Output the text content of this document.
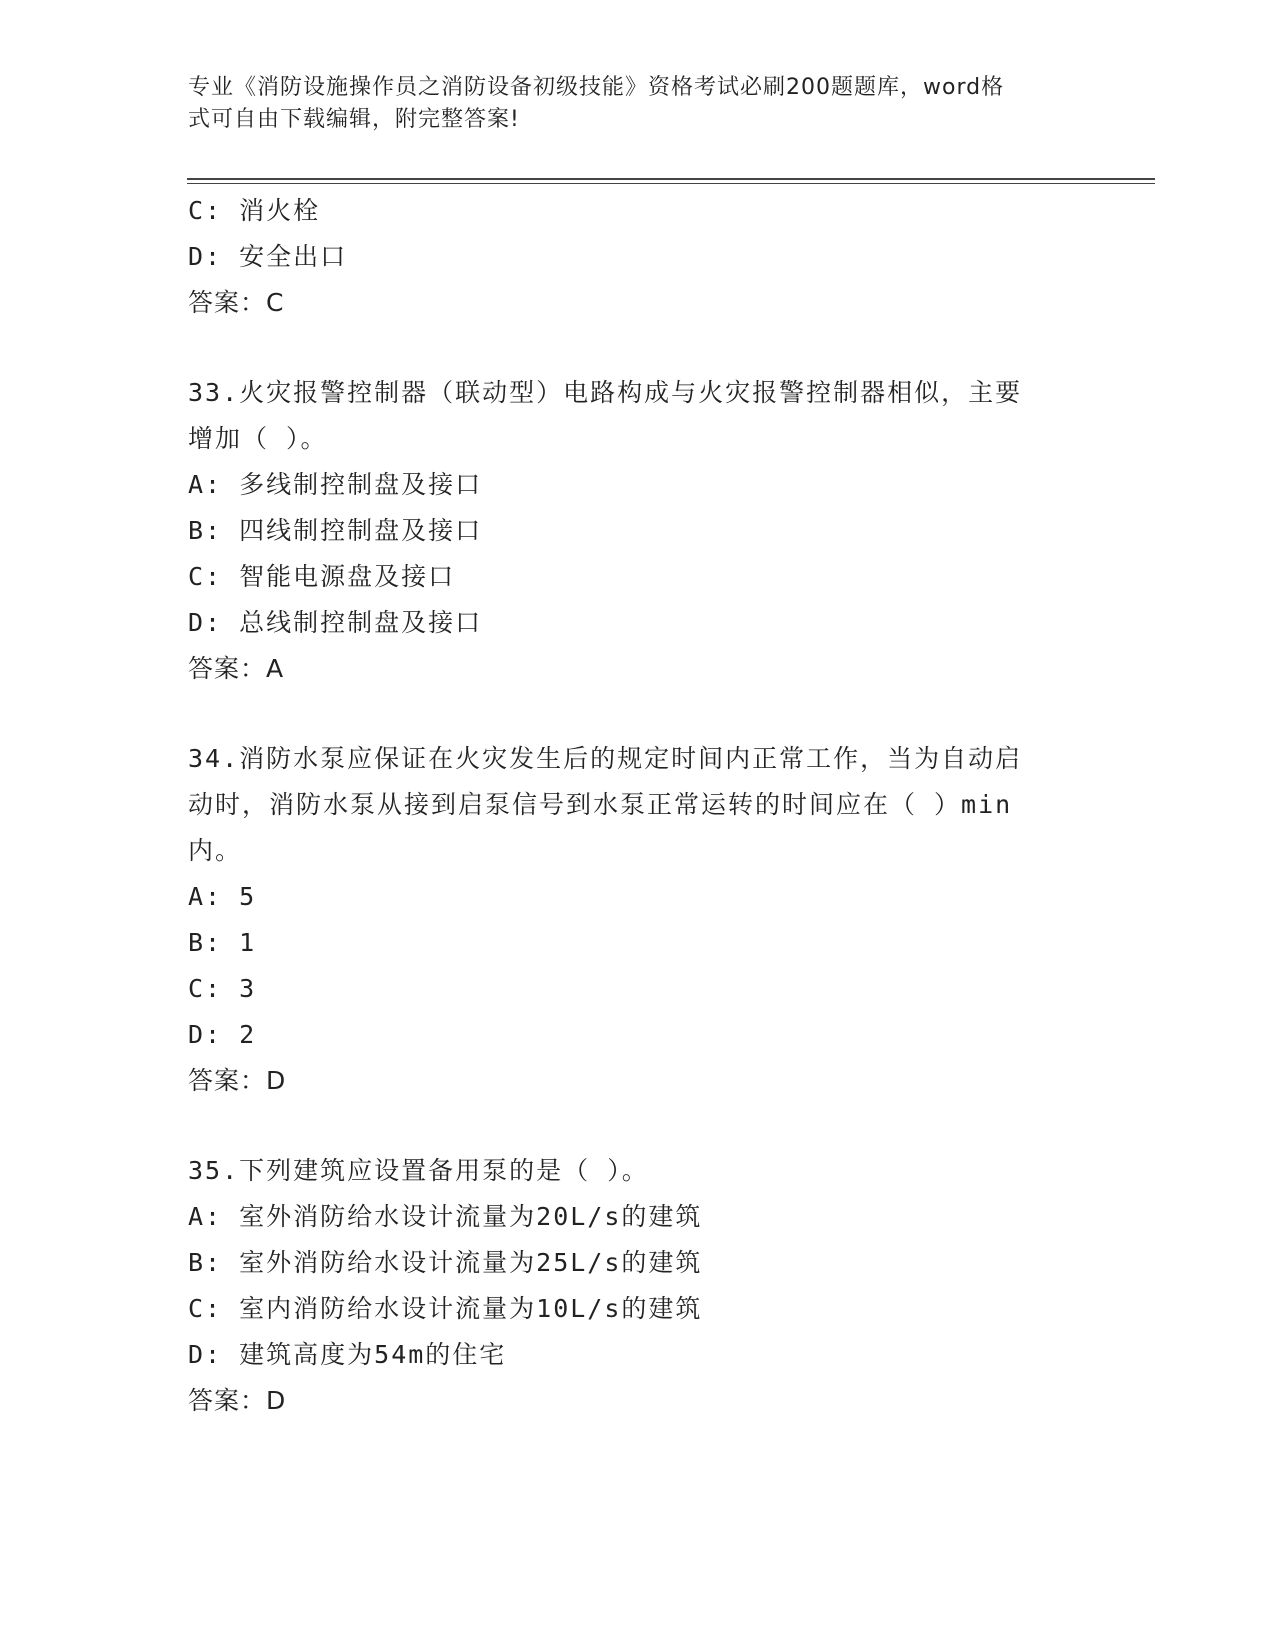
专业《消防设施操作员之消防设备初级技能》资格考试必刷200题题库，word格
式可自由下载编辑，附完整答案!
C: 消火栓
D: 安全出口
答案：C
33.火灾报警控制器（联动型）电路构成与火灾报警控制器相似，主要
增加（ ）。
A: 多线制控制盘及接口
B: 四线制控制盘及接口
C: 智能电源盘及接口
D: 总线制控制盘及接口
答案：A
34.消防水泵应保证在火灾发生后的规定时间内正常工作，当为自动启
动时，消防水泵从接到启泵信号到水泵正常运转的时间应在（ ）min
内。
A: 5
B: 1
C: 3
D: 2
答案：D
35.下列建筑应设置备用泵的是（ ）。
A: 室外消防给水设计流量为20L/s的建筑
B: 室外消防给水设计流量为25L/s的建筑
C: 室内消防给水设计流量为10L/s的建筑
D: 建筑高度为54m的住宅
答案：D
